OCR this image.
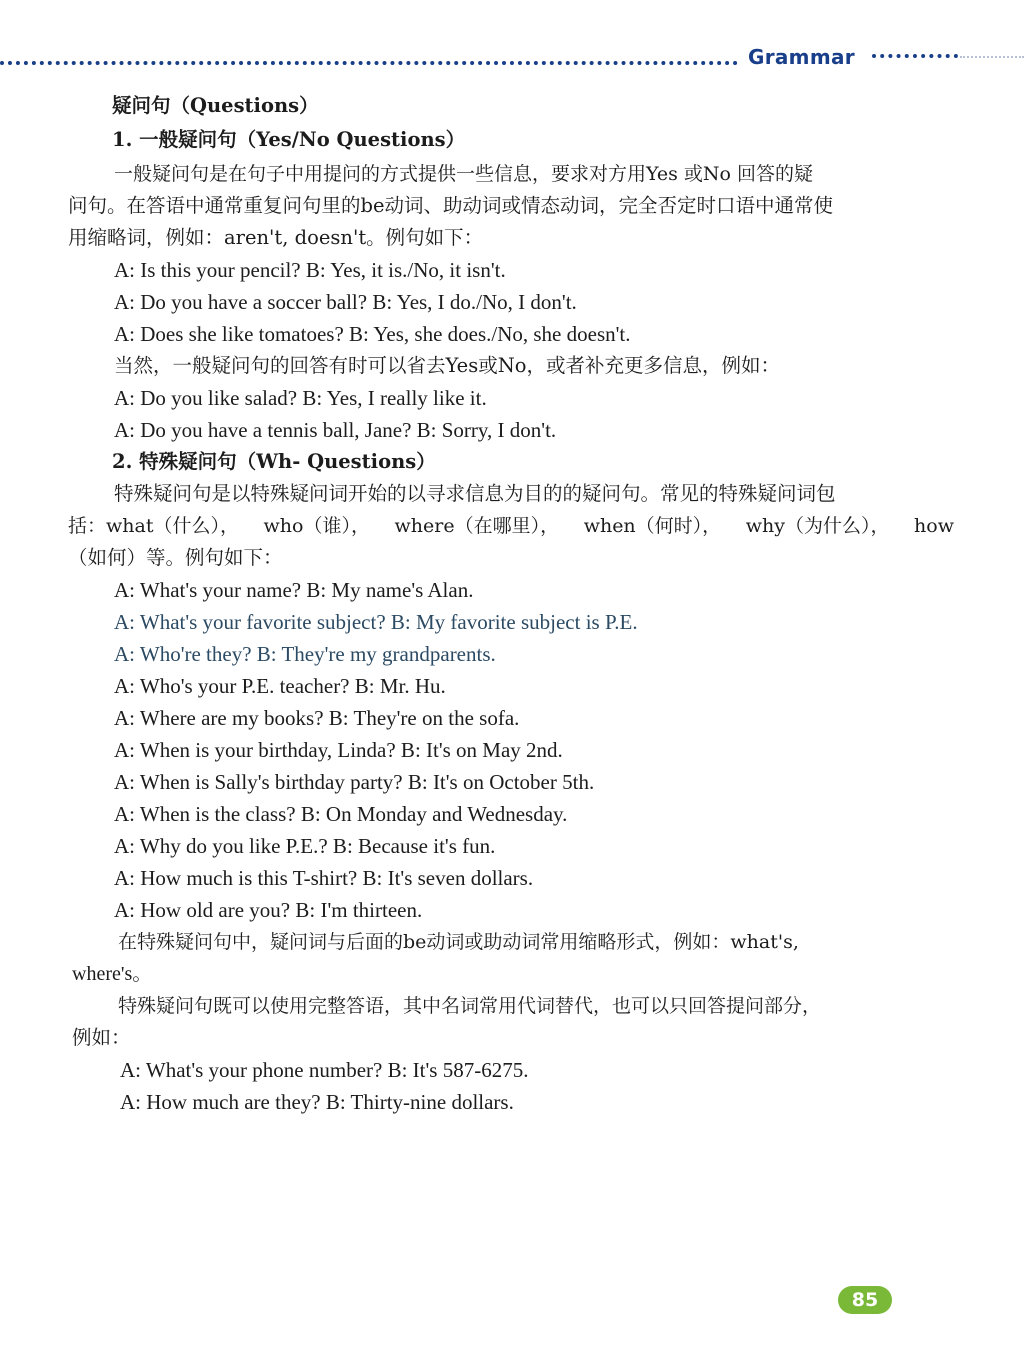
Grammar
疑问句（Questions）
1. 一般疑问句（Yes/No Questions）
一般疑问句是在句子中用提问的方式提供一些信息，要求对方用Yes 或No 回答的疑
问句。在答语中通常重复问句里的be动词、助动词或情态动词，完全否定时口语中通常使
用缩略词，例如：aren't, doesn't。例句如下：
A: Is this your pencil? B: Yes, it is./No, it isn't.
A: Do you have a soccer ball? B: Yes, I do./No, I don't.
A: Does she like tomatoes? B: Yes, she does./No, she doesn't.
当然，一般疑问句的回答有时可以省去Yes或No，或者补充更多信息，例如：
A: Do you like salad? B: Yes, I really like it.
A: Do you have a tennis ball, Jane? B: Sorry, I don't.
2. 特殊疑问句（Wh- Questions）
特殊疑问句是以特殊疑问词开始的以寻求信息为目的的疑问句。常见的特殊疑问词包
括：what（什么）， who（谁）， where（在哪里）， when（何时）， why（为什么）， how
（如何）等。例句如下：
A: What's your name? B: My name's Alan.
A: What's your favorite subject? B: My favorite subject is P.E.
A: Who're they? B: They're my grandparents.
A: Who's your P.E. teacher? B: Mr. Hu.
A: Where are my books? B: They're on the sofa.
A: When is your birthday, Linda? B: It's on May 2nd.
A: When is Sally's birthday party? B: It's on October 5th.
A: When is the class? B: On Monday and Wednesday.
A: Why do you like P.E.? B: Because it's fun.
A: How much is this T-shirt? B: It's seven dollars.
A: How old are you? B: I'm thirteen.
在特殊疑问句中，疑问词与后面的be动词或助动词常用缩略形式，例如：what's,
where's。
特殊疑问句既可以使用完整答语，其中名词常用代词替代，也可以只回答提问部分，
例如：
A: What's your phone number? B: It's 587-6275.
A: How much are they? B: Thirty-nine dollars.
85
